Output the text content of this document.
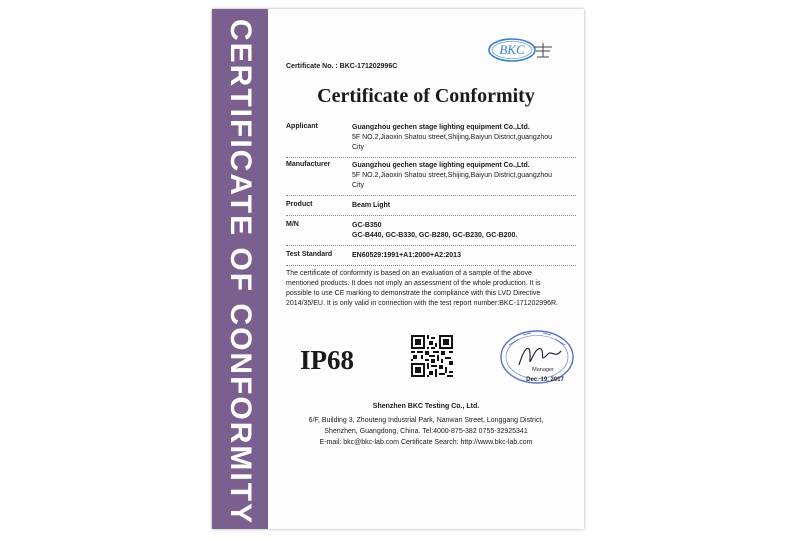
CERTIFICATE OF CONFORMITY	Certificate No. : BKC-171202996C
BKC
Certificate of Conformity
Applicant	Guangzhou gechen stage lighting equipment Co.,Ltd.
5F NO.2,Jiaoxin Shatou street,Shijing,Baiyun District,guangzhou
City
Manufacturer	Guangzhou gechen stage lighting equipment Co.,Ltd.
5F NO.2,Jiaoxin Shatou street,Shijing,Baiyun District,guangzhou
City
Product	Beam Light
M/N	GC-B350
GC-B440, GC-B330, GC-B280, GC-B230, GC-B200.
Test Standard	EN60529:1991+A1:2000+A2:2013
The certificate of conformity is based on an evaluation of a sample of the above
mentioned products. It does not imply an assessment of the whole production. It is
possible to use CE marking to demonstrate the compliance with this LVD Directive
2014/35/EU. It is only valid in connection with the test report number:BKC-171202996R.
IP68	Manager
Dec. 19, 2017
Shenzhen BKC Testing Co., Ltd.
6/F, Building 3, Zhouteng Industrial Park, Nanwan Street, Longgang District,
Shenzhen, Guangdong, China. Tel:4000-875-382 0755-32925341
E-mail: bkc@bkc-lab.com Certificate Search: http://www.bkc-lab.com
